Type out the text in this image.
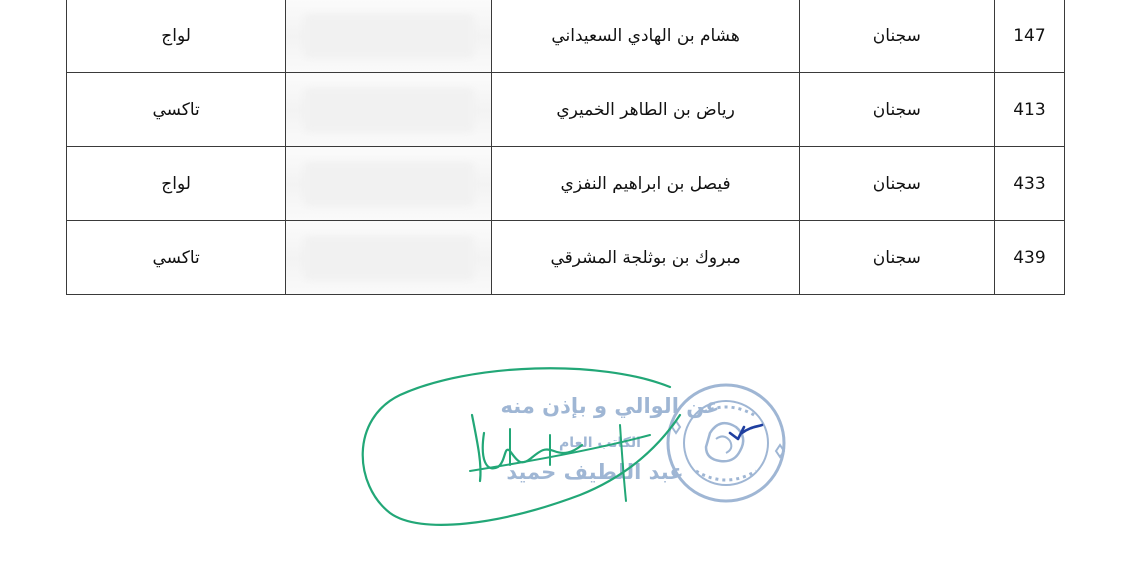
لواج		هشام بن الهادي السعيداني	سجنان	147
تاكسي		رياض بن الطاهر الخميري	سجنان	413
لواج		فيصل بن ابراهيم النفزي	سجنان	433
تاكسي		مبروك بن بوثلجة المشرقي	سجنان	439
عن الوالي و بإذن منه
الكاتب العام
عبد اللطيف حميد
